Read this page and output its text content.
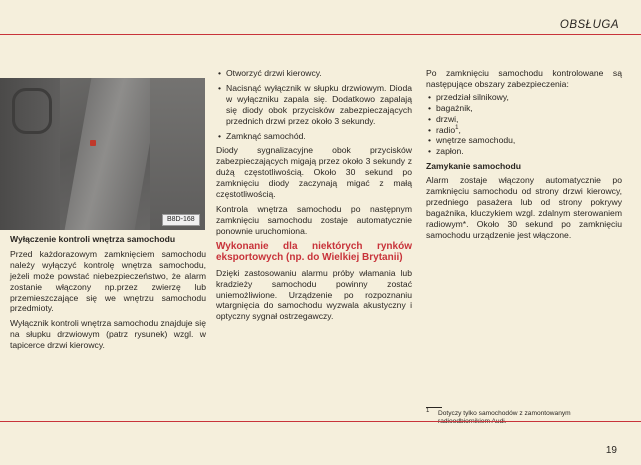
OBSŁUGA
B8D-168

Wyłączenie kontroli wnętrza samochodu

Przed każdorazowym zamknięciem samochodu należy wyłączyć kontrolę wnętrza samochodu, jeżeli może powstać niebezpieczeństwo, że alarm zostanie włączony np.przez zwierzę lub przemieszczające się we wnętrzu samochodu przedmioty.

Wyłącznik kontroli wnętrza samochodu znajduje się na słupku drzwiowym (patrz rysunek) wzgl. w tapicerce drzwi kierowcy.

• Otworzyć drzwi kierowcy.

• Nacisnąć wyłącznik w słupku drzwiowym. Dioda w wyłączniku zapala się. Dodatkowo zapalają się diody obok przycisków zabezpieczających przednich drzwi przez około 3 sekundy.

• Zamknąć samochód.

Diody sygnalizacyjne obok przycisków zabezpieczających migają przez około 3 sekundy z dużą częstotliwością. Około 30 sekund po zamknięciu diody zaczynają migać z małą częstotliwością.

Kontrola wnętrza samochodu po następnym zamknięciu samochodu zostaje automatycznie ponownie uruchomiona.

Wykonanie dla niektórych rynków eksportowych (np. do Wielkiej Brytanii)

Dzięki zastosowaniu alarmu próby włamania lub kradzieży samochodu powinny zostać uniemożliwione. Urządzenie po rozpoznaniu wtargnięcia do samochodu wyzwala akustyczny i optyczny sygnał ostrzegawczy.

Po zamknięciu samochodu kontrolowane są następujące obszary zabezpieczenia:

• przedział silnikowy,

• bagażnik,

• drzwi,

• radio$^1$,

• wnętrze samochodu,

• zapłon.

Zamykanie samochodu

Alarm zostaje włączony automatycznie po zamknięciu samochodu od strony drzwi kierowcy, przedniego pasażera lub od strony pokrywy bagażnika, kluczykiem wzgl. zdalnym sterowaniem radiowym*. Około 30 sekund po zamknięciu samochodu urządzenie jest włączone.

1	Dotyczy tylko samochodów z zamontowanym
19
